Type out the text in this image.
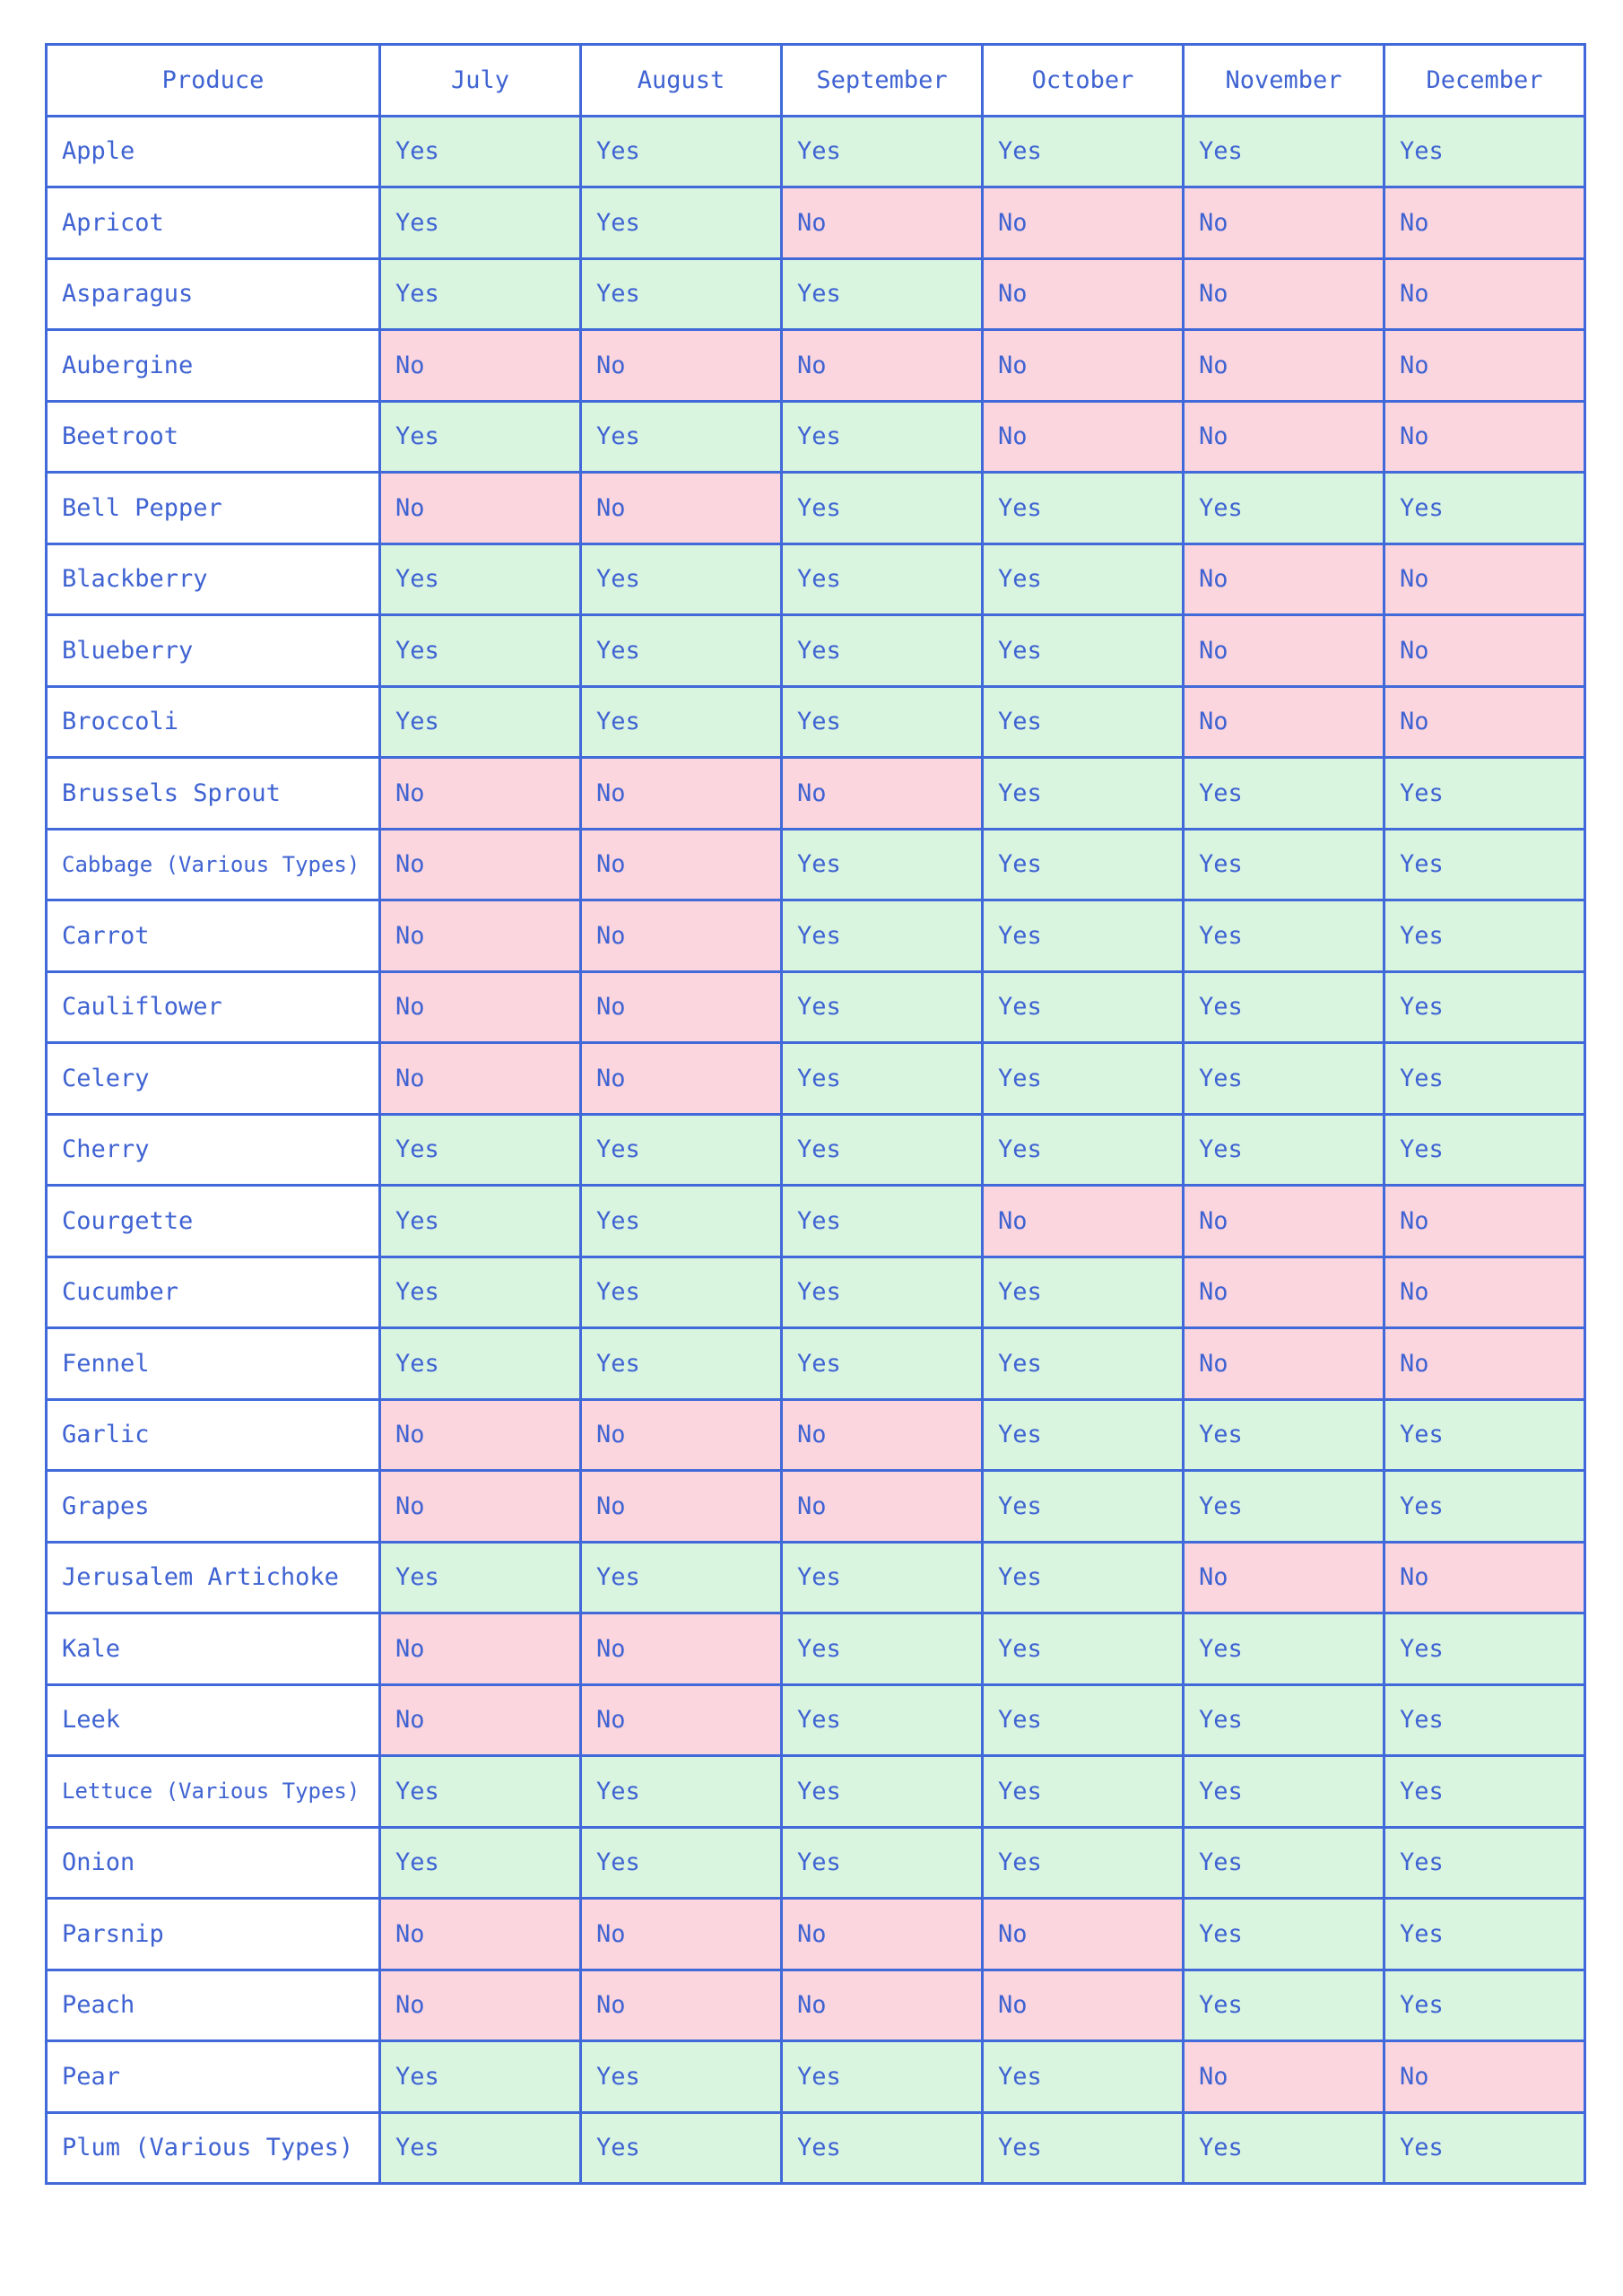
Produce	July	August	September	October	November	December
Apple	Yes	Yes	Yes	Yes	Yes	Yes
Apricot	Yes	Yes	No	No	No	No
Asparagus	Yes	Yes	Yes	No	No	No
Aubergine	No	No	No	No	No	No
Beetroot	Yes	Yes	Yes	No	No	No
Bell Pepper	No	No	Yes	Yes	Yes	Yes
Blackberry	Yes	Yes	Yes	Yes	No	No
Blueberry	Yes	Yes	Yes	Yes	No	No
Broccoli	Yes	Yes	Yes	Yes	No	No
Brussels Sprout	No	No	No	Yes	Yes	Yes
Cabbage (Various Types)	No	No	Yes	Yes	Yes	Yes
Carrot	No	No	Yes	Yes	Yes	Yes
Cauliflower	No	No	Yes	Yes	Yes	Yes
Celery	No	No	Yes	Yes	Yes	Yes
Cherry	Yes	Yes	Yes	Yes	Yes	Yes
Courgette	Yes	Yes	Yes	No	No	No
Cucumber	Yes	Yes	Yes	Yes	No	No
Fennel	Yes	Yes	Yes	Yes	No	No
Garlic	No	No	No	Yes	Yes	Yes
Grapes	No	No	No	Yes	Yes	Yes
Jerusalem Artichoke	Yes	Yes	Yes	Yes	No	No
Kale	No	No	Yes	Yes	Yes	Yes
Leek	No	No	Yes	Yes	Yes	Yes
Lettuce (Various Types)	Yes	Yes	Yes	Yes	Yes	Yes
Onion	Yes	Yes	Yes	Yes	Yes	Yes
Parsnip	No	No	No	No	Yes	Yes
Peach	No	No	No	No	Yes	Yes
Pear	Yes	Yes	Yes	Yes	No	No
Plum (Various Types)	Yes	Yes	Yes	Yes	Yes	Yes
